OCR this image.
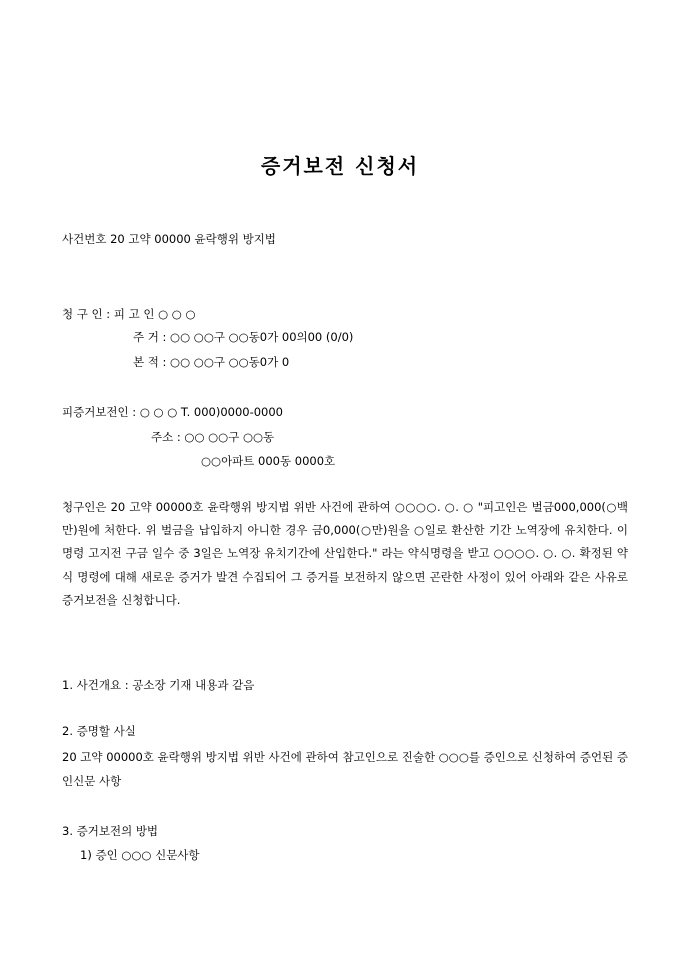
증거보전 신청서
사건번호 20 고약 00000 윤락행위 방지법
청 구 인 : 피 고 인 ○ ○ ○
주 거 : ○○ ○○구 ○○동0가 00의00 (0/0)
본 적 : ○○ ○○구 ○○동0가 0
피증거보전인 : ○ ○ ○ T. 000)0000-0000
주소 : ○○ ○○구 ○○동
○○아파트 000동 0000호
청구인은 20 고약 00000호 윤락행위 방지법 위반 사건에 관하여 ○○○○. ○. ○ "피고인은 벌금000,000(○백만)원에 처한다. 위 벌금을 납입하지 아니한 경우 금0,000(○만)원을 ○일로 환산한 기간 노역장에 유치한다. 이 명령 고지전 구금 일수 중 3일은 노역장 유치기간에 산입한다." 라는 약식명령을 받고 ○○○○. ○. ○. 확정된 약식 명령에 대해 새로운 증거가 발견 수집되어 그 증거를 보전하지 않으면 곤란한 사정이 있어 아래와 같은 사유로 증거보전을 신청합니다.
1. 사건개요 : 공소장 기재 내용과 같음
2. 증명할 사실
20 고약 00000호 윤락행위 방지법 위반 사건에 관하여 참고인으로 진술한 ○○○를 증인으로 신청하여 증언된 증인신문 사항
3. 증거보전의 방법
1) 증인 ○○○ 신문사항
